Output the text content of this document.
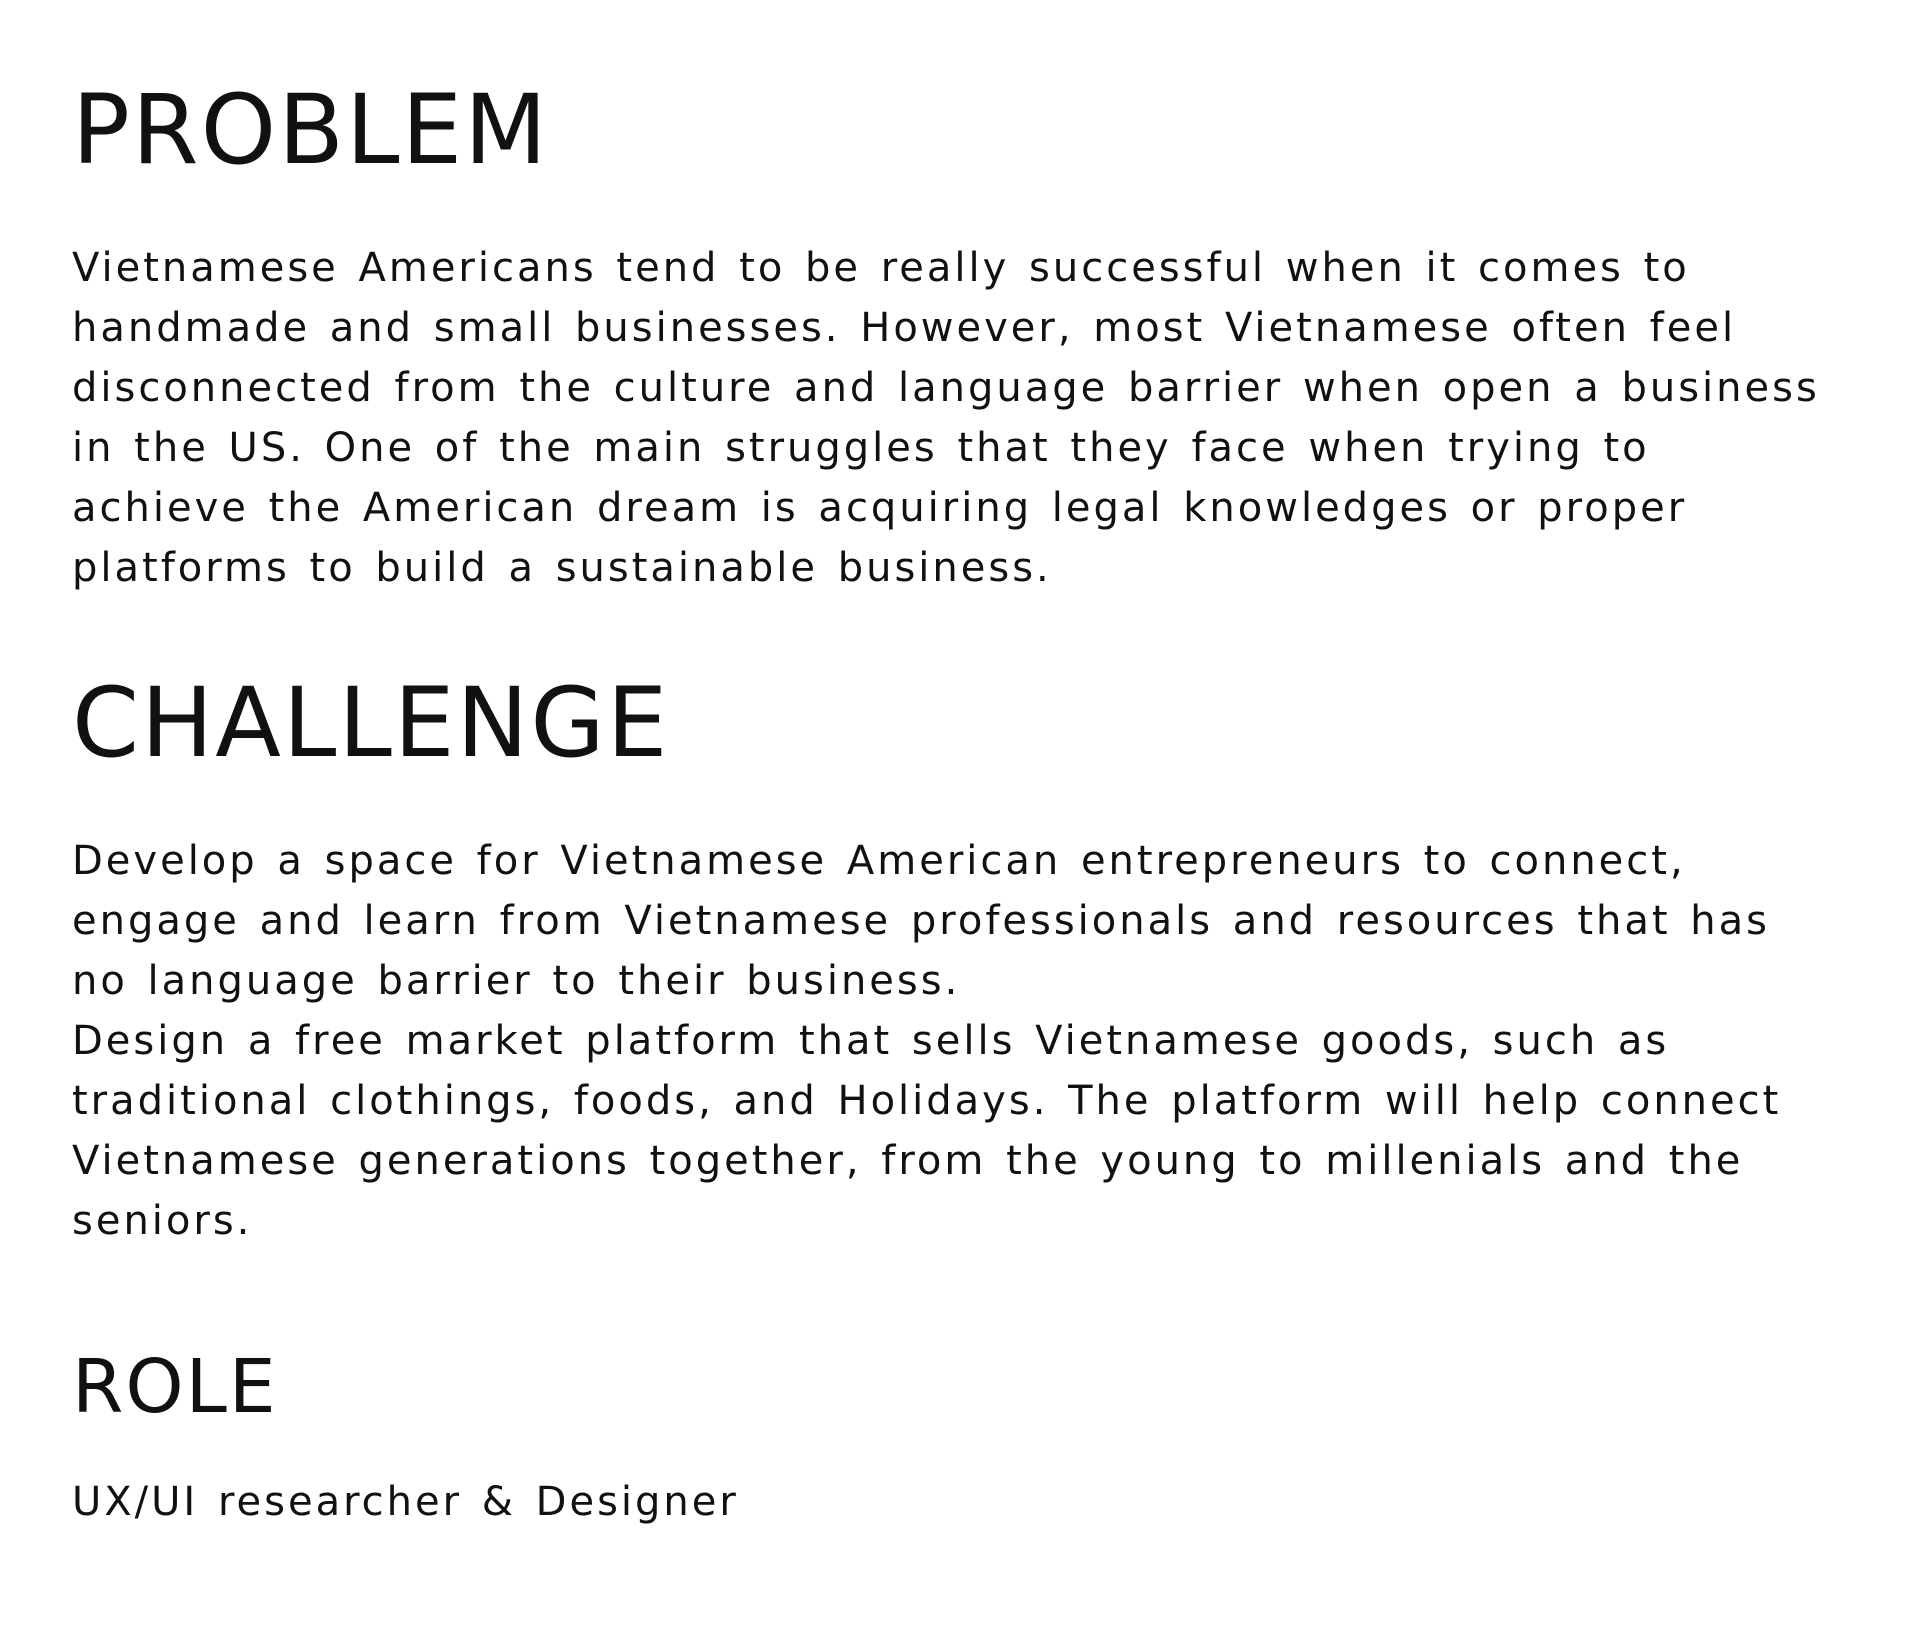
PROBLEM

Vietnamese Americans tend to be really successful when it comes to handmade and small businesses. However, most Vietnamese often feel disconnected from the culture and language barrier when open a business in the US. One of the main struggles that they face when trying to achieve the American dream is acquiring legal knowledges or proper platforms to build a sustainable business.

CHALLENGE

Develop a space for Vietnamese American entrepreneurs to connect, engage and learn from Vietnamese professionals and resources that has no language barrier to their business.

Design a free market platform that sells Vietnamese goods, such as traditional clothings, foods, and Holidays. The platform will help connect Vietnamese generations together, from the young to millenials and the seniors.

ROLE

UX/UI researcher & Designer
